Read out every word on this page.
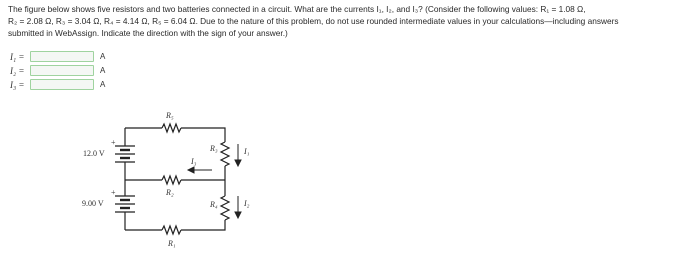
The figure below shows five resistors and two batteries connected in a circuit. What are the currents I₁, I₂, and I₃? (Consider the following values: R₁ = 1.08 Ω,

R₂ = 2.08 Ω, R₃ = 3.04 Ω, R₄ = 4.14 Ω, R₅ = 6.04 Ω. Due to the nature of this problem, do not use rounded intermediate values in your calculations—including answers

submitted in WebAssign. Indicate the direction with the sign of your answer.)

I₁ =	A
I₂ =	A
I₃ =	A
12.0 V
9.00 V
+
+
R₅
R₃
R₂
R₄
R₁
I₁
I₂
I₃
